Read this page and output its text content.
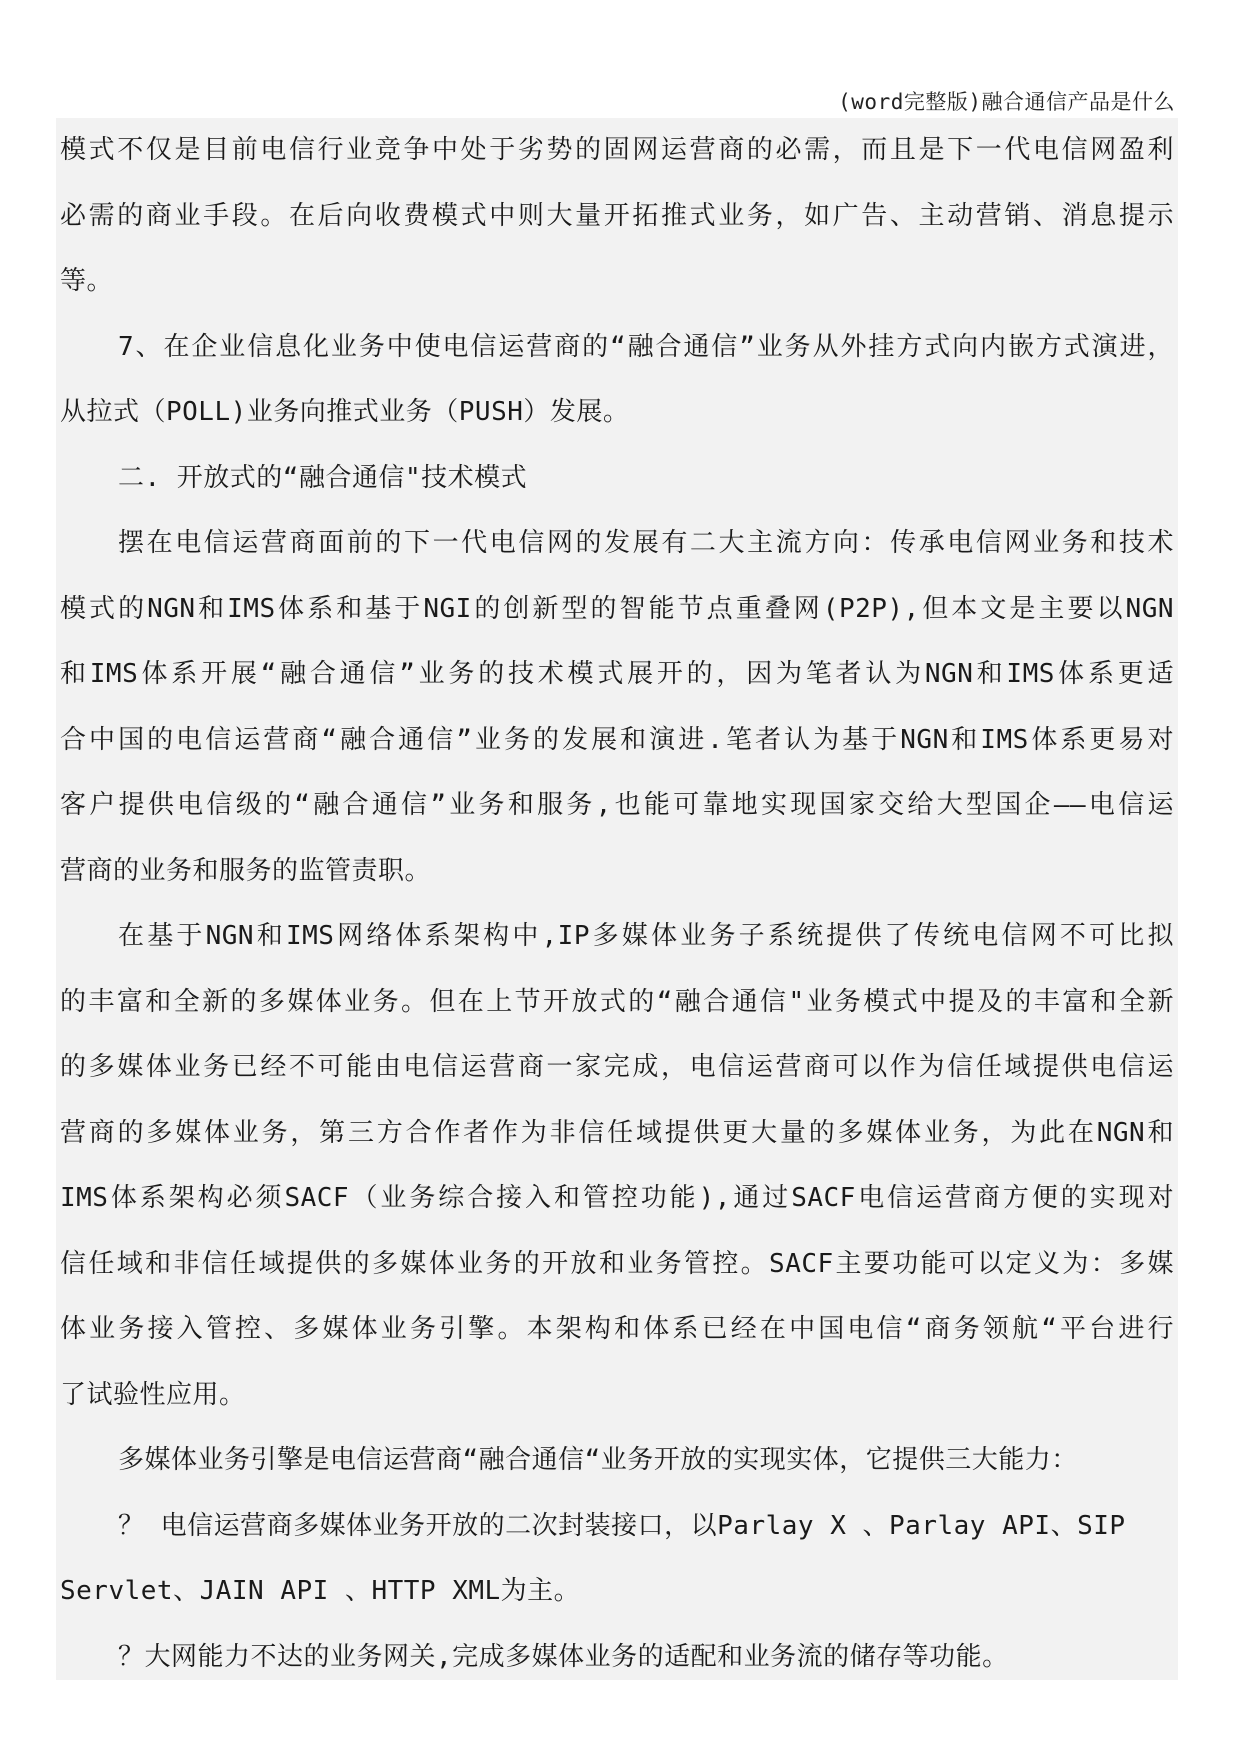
(word完整版)融合通信产品是什么
模式不仅是目前电信行业竞争中处于劣势的固网运营商的必需，而且是下一代电信网盈利
必需的商业手段。在后向收费模式中则大量开拓推式业务，如广告、主动营销、消息提示
等。
7、在企业信息化业务中使电信运营商的“融合通信”业务从外挂方式向内嵌方式演进，
从拉式（POLL)业务向推式业务（PUSH）发展。
二. 开放式的“融合通信"技术模式
摆在电信运营商面前的下一代电信网的发展有二大主流方向：传承电信网业务和技术
模式的NGN和IMS体系和基于NGI的创新型的智能节点重叠网(P2P),但本文是主要以NGN
和IMS体系开展“融合通信”业务的技术模式展开的，因为笔者认为NGN和IMS体系更适
合中国的电信运营商“融合通信”业务的发展和演进.笔者认为基于NGN和IMS体系更易对
客户提供电信级的“融合通信”业务和服务,也能可靠地实现国家交给大型国企——电信运
营商的业务和服务的监管责职。
在基于NGN和IMS网络体系架构中,IP多媒体业务子系统提供了传统电信网不可比拟
的丰富和全新的多媒体业务。但在上节开放式的“融合通信"业务模式中提及的丰富和全新
的多媒体业务已经不可能由电信运营商一家完成，电信运营商可以作为信任域提供电信运
营商的多媒体业务，第三方合作者作为非信任域提供更大量的多媒体业务，为此在NGN和
IMS体系架构必须SACF（业务综合接入和管控功能),通过SACF电信运营商方便的实现对
信任域和非信任域提供的多媒体业务的开放和业务管控。SACF主要功能可以定义为：多媒
体业务接入管控、多媒体业务引擎。本架构和体系已经在中国电信“商务领航“平台进行
了试验性应用。
多媒体业务引擎是电信运营商“融合通信“业务开放的实现实体，它提供三大能力：
？ 电信运营商多媒体业务开放的二次封装接口，以Parlay X 、Parlay API、SIP
Servlet、JAIN API 、HTTP XML为主。
？大网能力不达的业务网关,完成多媒体业务的适配和业务流的储存等功能。
